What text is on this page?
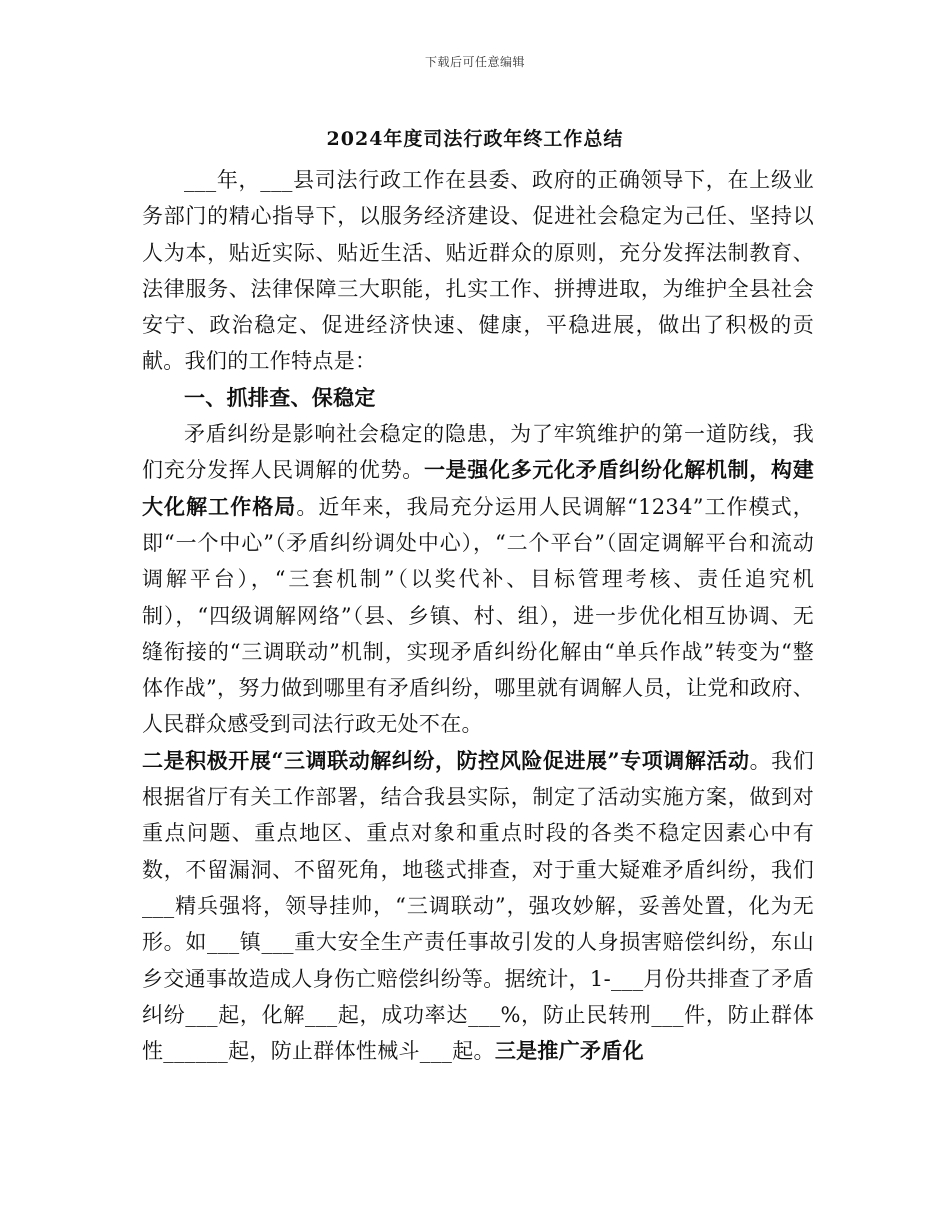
下载后可任意编辑
2024年度司法行政年终工作总结

___年，___县司法行政工作在县委、政府的正确领导下，在上级业务部门的精心指导下，以服务经济建设、促进社会稳定为己任、坚持以人为本，贴近实际、贴近生活、贴近群众的原则，充分发挥法制教育、法律服务、法律保障三大职能，扎实工作、拼搏进取，为维护全县社会安宁、政治稳定、促进经济快速、健康，平稳进展，做出了积极的贡献。我们的工作特点是：

一、抓排查、保稳定

矛盾纠纷是影响社会稳定的隐患，为了牢筑维护的第一道防线，我们充分发挥人民调解的优势。一是强化多元化矛盾纠纷化解机制，构建大化解工作格局。近年来，我局充分运用人民调解“1234”工作模式，即“一个中心”（矛盾纠纷调处中心），“二个平台”（固定调解平台和流动调解平台），“三套机制”（以奖代补、目标管理考核、责任追究机制），“四级调解网络”（县、乡镇、村、组），进一步优化相互协调、无缝衔接的“三调联动”机制，实现矛盾纠纷化解由“单兵作战”转变为“整体作战”，努力做到哪里有矛盾纠纷，哪里就有调解人员，让党和政府、人民群众感受到司法行政无处不在。

二是积极开展“三调联动解纠纷，防控风险促进展”专项调解活动。我们根据省厅有关工作部署，结合我县实际，制定了活动实施方案，做到对重点问题、重点地区、重点对象和重点时段的各类不稳定因素心中有数，不留漏洞、不留死角，地毯式排查，对于重大疑难矛盾纠纷，我们___精兵强将，领导挂帅，“三调联动”，强攻妙解，妥善处置，化为无形。如___镇___重大安全生产责任事故引发的人身损害赔偿纠纷，东山乡交通事故造成人身伤亡赔偿纠纷等。据统计，1-___月份共排查了矛盾纠纷___起，化解___起，成功率达___%，防止民转刑___件，防止群体性______起，防止群体性械斗___起。三是推广矛盾化
